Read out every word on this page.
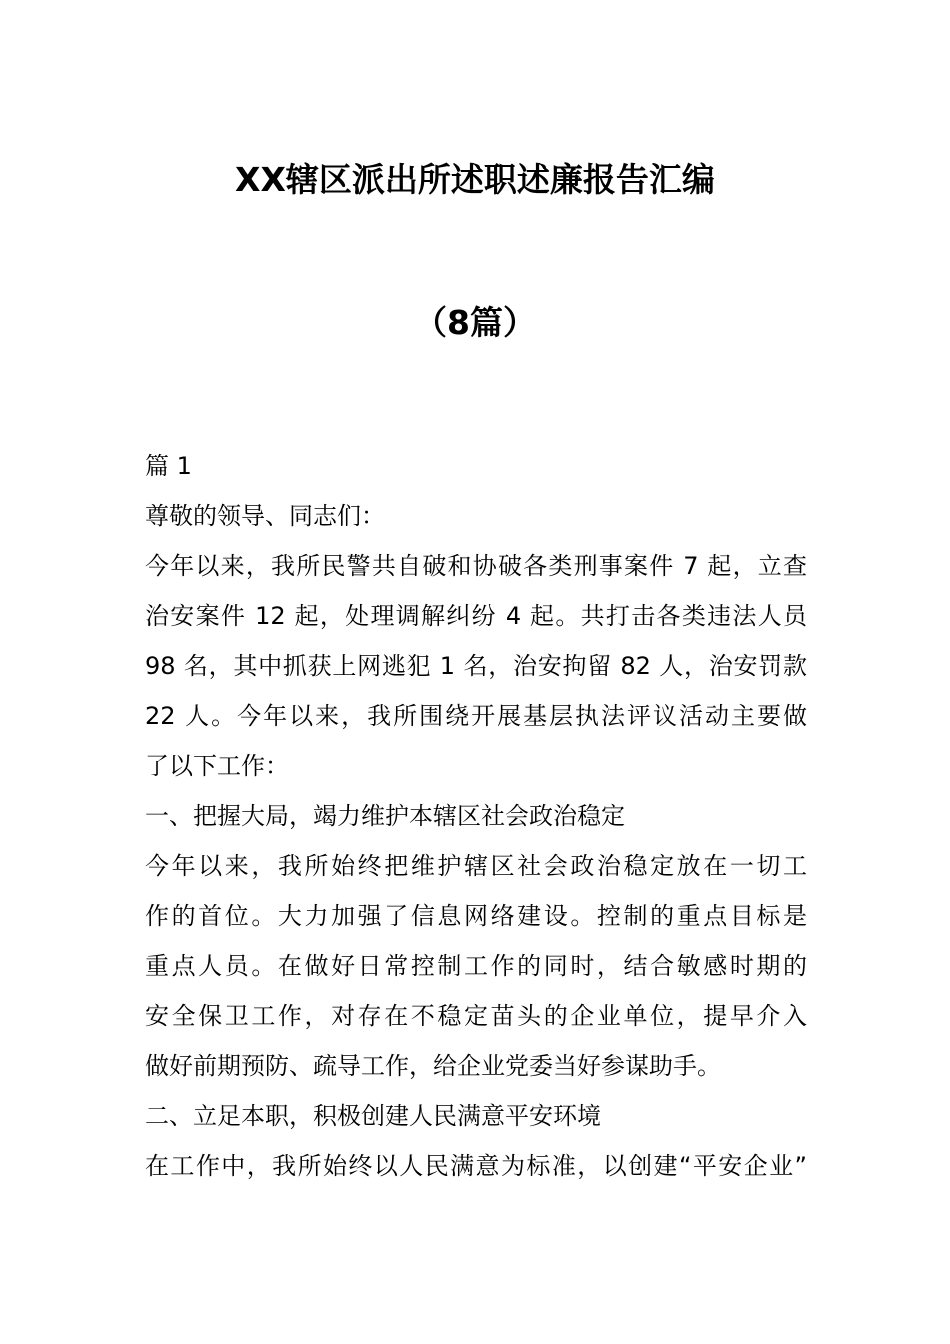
XX辖区派出所述职述廉报告汇编
（8篇）
篇 1
尊敬的领导、同志们：
今年以来，我所民警共自破和协破各类刑事案件 7 起，立查
治安案件 12 起，处理调解纠纷 4 起。共打击各类违法人员
98 名，其中抓获上网逃犯 1 名，治安拘留 82 人，治安罚款
22 人。今年以来，我所围绕开展基层执法评议活动主要做
了以下工作：
一、把握大局，竭力维护本辖区社会政治稳定
今年以来，我所始终把维护辖区社会政治稳定放在一切工
作的首位。大力加强了信息网络建设。控制的重点目标是
重点人员。在做好日常控制工作的同时，结合敏感时期的
安全保卫工作，对存在不稳定苗头的企业单位，提早介入
做好前期预防、疏导工作，给企业党委当好参谋助手。
二、立足本职，积极创建人民满意平安环境
在工作中，我所始终以人民满意为标准，以创建“平安企业”
